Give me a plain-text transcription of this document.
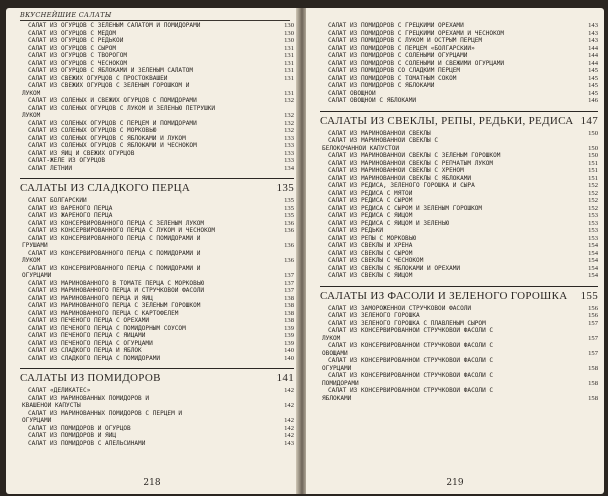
ВКУСНЕЙШИЕ САЛАТЫ
САЛАТ ИЗ ОГУРЦОВ С ЗЕЛЕНЫМ САЛАТОМ И ПОМИДОРАМИ	130
САЛАТ ИЗ ОГУРЦОВ С МЕДОМ	130
САЛАТ ИЗ ОГУРЦОВ С РЕДЬКОЙ	130
САЛАТ ИЗ ОГУРЦОВ С СЫРОМ	131
САЛАТ ИЗ ОГУРЦОВ С ТВОРОГОМ	131
САЛАТ ИЗ ОГУРЦОВ С ЧЕСНОКОМ	131
САЛАТ ИЗ ОГУРЦОВ С ЯБЛОКАМИ И ЗЕЛЕНЫМ САЛАТОМ	131
САЛАТ ИЗ СВЕЖИХ ОГУРЦОВ С ПРОСТОКВАШЕЙ	131
САЛАТ ИЗ СВЕЖИХ ОГУРЦОВ С ЗЕЛЕНЫМ ГОРОШКОМ И
ЛУКОМ	131
САЛАТ ИЗ СОЛЕНЫХ И СВЕЖИХ ОГУРЦОВ С ПОМИДОРАМИ	132
САЛАТ ИЗ СОЛЕНЫХ ОГУРЦОВ С ЛУКОМ И ЗЕЛЕНЬЮ ПЕТРУШКИ
ЛУКОМ	132
САЛАТ ИЗ СОЛЕНЫХ ОГУРЦОВ С ПЕРЦЕМ И ПОМИДОРАМИ	132
САЛАТ ИЗ СОЛЕНЫХ ОГУРЦОВ С МОРКОВЬЮ	132
САЛАТ ИЗ СОЛЕНЫХ ОГУРЦОВ С ЯБЛОКАМИ И ЛУКОМ	133
САЛАТ ИЗ СОЛЕНЫХ ОГУРЦОВ С ЯБЛОКАМИ И ЧЕСНОКОМ	133
САЛАТ ИЗ ЯИЦ И СВЕЖИХ ОГУРЦОВ	133
САЛАТ-ЖЕЛЕ ИЗ ОГУРЦОВ	133
САЛАТ ЛЕТНИЙ	134
САЛАТЫ ИЗ СЛАДКОГО ПЕРЦА	135
САЛАТ БОЛГАРСКИЙ	135
САЛАТ ИЗ ВАРЕНОГО ПЕРЦА	135
САЛАТ ИЗ ЖАРЕНОГО ПЕРЦА	135
САЛАТ ИЗ КОНСЕРВИРОВАННОГО ПЕРЦА С ЗЕЛЕНЫМ ЛУКОМ	136
САЛАТ ИЗ КОНСЕРВИРОВАННОГО ПЕРЦА С ЛУКОМ И ЧЕСНОКОМ	136
САЛАТ ИЗ КОНСЕРВИРОВАННОГО ПЕРЦА С ПОМИДОРАМИ И
ГРУШАМИ	136
САЛАТ ИЗ КОНСЕРВИРОВАННОГО ПЕРЦА С ПОМИДОРАМИ И
ЛУКОМ	136
САЛАТ ИЗ КОНСЕРВИРОВАННОГО ПЕРЦА С ПОМИДОРАМИ И
ОГУРЦАМИ	137
САЛАТ ИЗ МАРИНОВАННОГО В ТОМАТЕ ПЕРЦА С МОРКОВЬЮ	137
САЛАТ ИЗ МАРИНОВАННОГО ПЕРЦА И СТРУЧКОВОЙ ФАСОЛИ	137
САЛАТ ИЗ МАРИНОВАННОГО ПЕРЦА И ЯИЦ	138
САЛАТ ИЗ МАРИНОВАННОГО ПЕРЦА С ЗЕЛЕНЫМ ГОРОШКОМ	138
САЛАТ ИЗ МАРИНОВАННОГО ПЕРЦА С КАРТОФЕЛЕМ	138
САЛАТ ИЗ ПЕЧЕНОГО ПЕРЦА С ОРЕХАМИ	138
САЛАТ ИЗ ПЕЧЕНОГО ПЕРЦА С ПОМИДОРНЫМ СОУСОМ	139
САЛАТ ИЗ ПЕЧЕНОГО ПЕРЦА С ЯЙЦАМИ	139
САЛАТ ИЗ ПЕЧЕНОГО ПЕРЦА С ОГУРЦАМИ	139
САЛАТ ИЗ СЛАДКОГО ПЕРЦА И ЯБЛОК	140
САЛАТ ИЗ СЛАДКОГО ПЕРЦА С ПОМИДОРАМИ	140
САЛАТЫ ИЗ ПОМИДОРОВ	141
САЛАТ «ДЕЛИКАТЕС»	142
САЛАТ ИЗ МАРИНОВАННЫХ ПОМИДОРОВ И
КВАШЕНОЙ КАПУСТЫ	142
САЛАТ ИЗ МАРИНОВАННЫХ ПОМИДОРОВ С ПЕРЦЕМ И
ОГУРЦАМИ	142
САЛАТ ИЗ ПОМИДОРОВ И ОГУРЦОВ	142
САЛАТ ИЗ ПОМИДОРОВ И ЯИЦ	142
САЛАТ ИЗ ПОМИДОРОВ С АПЕЛЬСИНАМИ	143
218
САЛАТ ИЗ ПОМИДОРОВ С ГРЕЦКИМИ ОРЕХАМИ	143
САЛАТ ИЗ ПОМИДОРОВ С ГРЕЦКИМИ ОРЕХАМИ И ЧЕСНОКОМ	143
САЛАТ ИЗ ПОМИДОРОВ С ЛУКОМ И ОСТРЫМ ПЕРЦЕМ	143
САЛАТ ИЗ ПОМИДОРОВ С ПЕРЦЕМ «БОЛГАРСКИЙ»	144
САЛАТ ИЗ ПОМИДОРОВ С СОЛЕНЫМИ ОГУРЦАМИ	144
САЛАТ ИЗ ПОМИДОРОВ С СОЛЕНЫМИ И СВЕЖИМИ ОГУРЦАМИ	144
САЛАТ ИЗ ПОМИДОРОВ СО СЛАДКИМ ПЕРЦЕМ	145
САЛАТ ИЗ ПОМИДОРОВ С ТОМАТНЫМ СОКОМ	145
САЛАТ ИЗ ПОМИДОРОВ С ЯБЛОКАМИ	145
САЛАТ ОВОЩНОЙ	145
САЛАТ ОВОЩНОЙ С ЯБЛОКАМИ	146
САЛАТЫ ИЗ СВЕКЛЫ, РЕПЫ, РЕДЬКИ, РЕДИСА 147
САЛАТ ИЗ МАРИНОВАННОЙ СВЕКЛЫ	150
САЛАТ ИЗ МАРИНОВАННОЙ СВЕКЛЫ С
БЕЛОКОЧАННОЙ КАПУСТОЙ	150
САЛАТ ИЗ МАРИНОВАННОЙ СВЕКЛЫ С ЗЕЛЕНЫМ ГОРОШКОМ	150
САЛАТ ИЗ МАРИНОВАННОЙ СВЕКЛЫ С РЕПЧАТЫМ ЛУКОМ	151
САЛАТ ИЗ МАРИНОВАННОЙ СВЕКЛЫ С ХРЕНОМ	151
САЛАТ ИЗ МАРИНОВАННОЙ СВЕКЛЫ С ЯБЛОКАМИ	151
САЛАТ ИЗ РЕДИСА, ЗЕЛЕНОГО ГОРОШКА И СЫРА	152
САЛАТ ИЗ РЕДИСА С МЯТОЙ	152
САЛАТ ИЗ РЕДИСА С СЫРОМ	152
САЛАТ ИЗ РЕДИСА С СЫРОМ И ЗЕЛЕНЫМ ГОРОШКОМ	152
САЛАТ ИЗ РЕДИСА С ЯЙЦОМ	153
САЛАТ ИЗ РЕДИСА С ЯЙЦОМ И ЗЕЛЕНЬЮ	153
САЛАТ ИЗ РЕДЬКИ	153
САЛАТ ИЗ РЕПЫ С МОРКОВЬЮ	153
САЛАТ ИЗ СВЕКЛЫ И ХРЕНА	154
САЛАТ ИЗ СВЕКЛЫ С СЫРОМ	154
САЛАТ ИЗ СВЕКЛЫ С ЧЕСНОКОМ	154
САЛАТ ИЗ СВЕКЛЫ С ЯБЛОКАМИ И ОРЕХАМИ	154
САЛАТ ИЗ СВЕКЛЫ С ЯЙЦОМ	154
САЛАТЫ ИЗ ФАСОЛИ И ЗЕЛЕНОГО ГОРОШКА	155
САЛАТ ИЗ ЗАМОРОЖЕННОЙ СТРУЧКОВОЙ ФАСОЛИ	156
САЛАТ ИЗ ЗЕЛЕНОГО ГОРОШКА	156
САЛАТ ИЗ ЗЕЛЕНОГО ГОРОШКА С ПЛАВЛЕНЫМ СЫРОМ	157
САЛАТ ИЗ КОНСЕРВИРОВАННОЙ СТРУЧКОВОЙ ФАСОЛИ С
ЛУКОМ	157
САЛАТ ИЗ КОНСЕРВИРОВАННОЙ СТРУЧКОВОЙ ФАСОЛИ С
ОВОЩАМИ	157
САЛАТ ИЗ КОНСЕРВИРОВАННОЙ СТРУЧКОВОЙ ФАСОЛИ С
ОГУРЦАМИ	158
САЛАТ ИЗ КОНСЕРВИРОВАННОЙ СТРУЧКОВОЙ ФАСОЛИ С
ПОМИДОРАМИ	158
САЛАТ ИЗ КОНСЕРВИРОВАННОЙ СТРУЧКОВОЙ ФАСОЛИ С
ЯБЛОКАМИ	158
219
